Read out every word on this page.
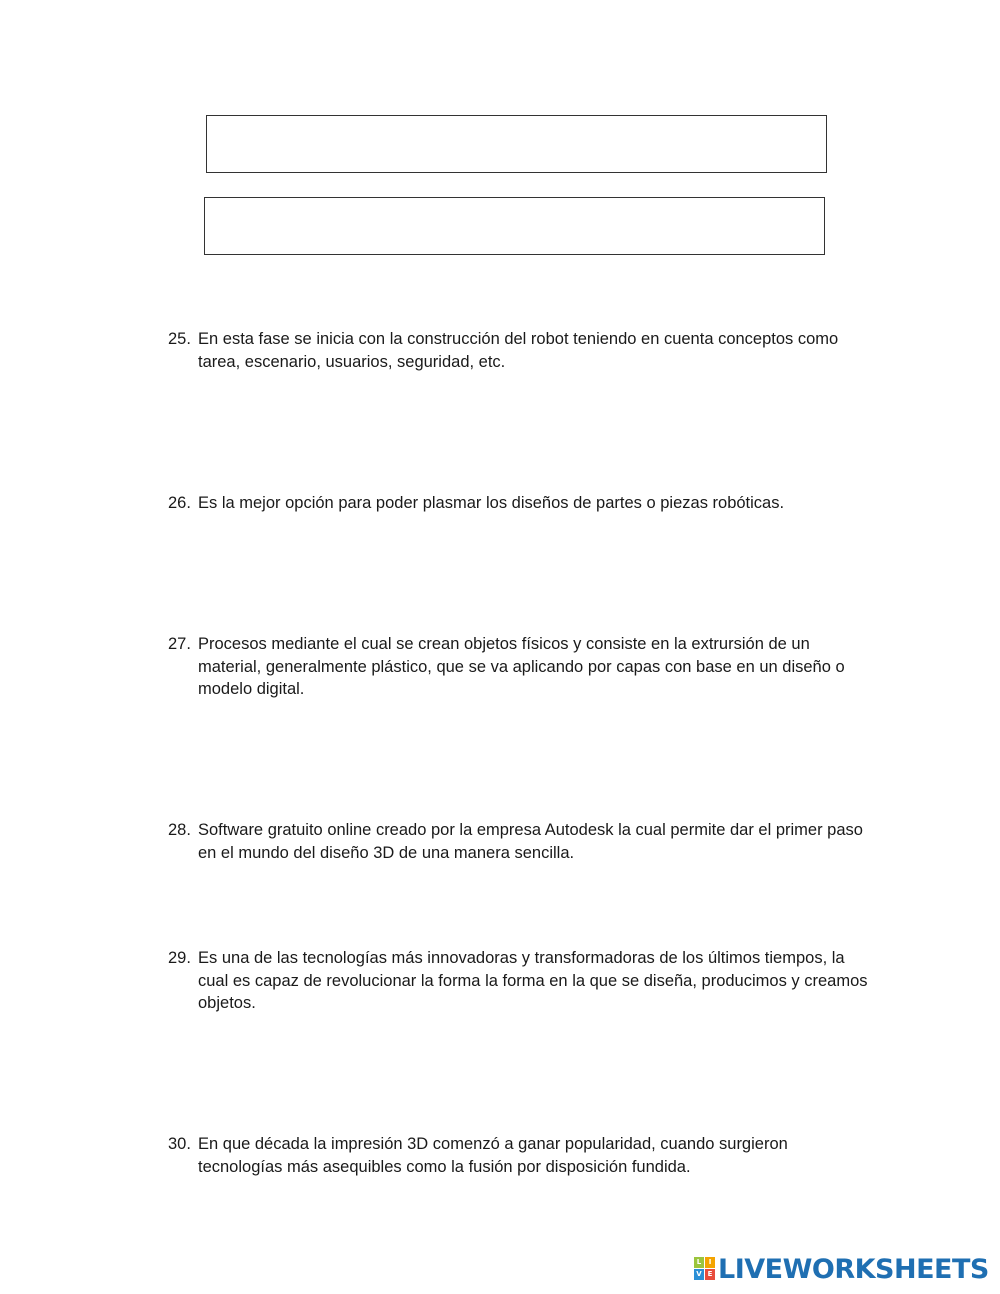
25. En esta fase se inicia con la construcción del robot teniendo en cuenta conceptos como tarea, escenario, usuarios, seguridad, etc.
26. Es la mejor opción para poder plasmar los diseños de partes o piezas robóticas.
27. Procesos mediante el cual se crean objetos físicos y consiste en la extrursión de un material, generalmente plástico, que se va aplicando por capas con base en un diseño o modelo digital.
28. Software gratuito online creado por la empresa Autodesk la cual permite dar el primer paso en el mundo del diseño 3D de una manera sencilla.
29. Es una de las tecnologías más innovadoras y transformadoras de los últimos tiempos, la cual es capaz de revolucionar la forma la forma en la que se diseña, producimos y creamos objetos.
30. En que década la impresión 3D comenzó a ganar popularidad, cuando surgieron tecnologías más asequibles como la fusión por disposición fundida.
L	I
V E LIVEWORKSHEETS
